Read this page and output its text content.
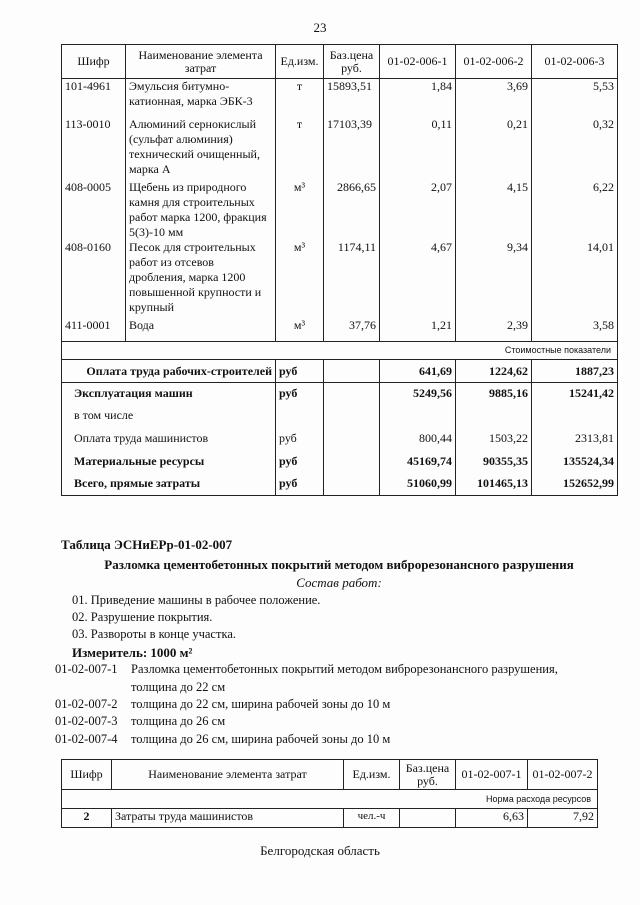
23
Шифр	Наименование элемента затрат	Ед.изм.	Баз.цена руб.	01-02-006-1	01-02-006-2	01-02-006-3
101-4961	Эмульсия битумно-катионная, марка ЭБК-3	т	15893,51	1,84	3,69	5,53
113-0010	Алюминий сернокислый (сульфат алюминия) технический очищенный, марка А	т	17103,39	0,11	0,21	0,32
408-0005	Щебень из природного камня для строительных работ марка 1200, фракция 5(3)-10 мм	м³	2866,65	2,07	4,15	6,22
408-0160	Песок для строительных работ из отсевов дробления, марка 1200 повышенной крупности и крупный	м³	1174,11	4,67	9,34	14,01
411-0001	Вода	м³	37,76	1,21	2,39	3,58
Стоимостные показатели						
Оплата труда рабочих-строителей		руб		641,69	1224,62	1887,23
Эксплуатация машин		руб		5249,56	9885,16	15241,42
в том числе						
Оплата труда машинистов		руб		800,44	1503,22	2313,81
Материальные ресурсы		руб		45169,74	90355,35	135524,34
Всего, прямые затраты		руб		51060,99	101465,13	152652,99
Таблица ЭСНиЕРр-01-02-007
Разломка цементобетонных покрытий методом виброрезонансного разрушения
Состав работ:
01. Приведение машины в рабочее положение.
02. Разрушение покрытия.
03. Развороты в конце участка.
Измеритель: 1000 м²
01-02-007-1 Разломка цементобетонных покрытий методом виброрезонансного разрушения,
толщина до 22 см
01-02-007-2 толщина до 22 см, ширина рабочей зоны до 10 м
01-02-007-3 толщина до 26 см
01-02-007-4 толщина до 26 см, ширина рабочей зоны до 10 м
Шифр	Наименование элемента затрат	Ед.изм.	Баз.цена руб.	01-02-007-1	01-02-007-2
Норма расхода ресурсов					
2	Затраты труда машинистов	чел.-ч		6,63	7,92
Белгородская область
